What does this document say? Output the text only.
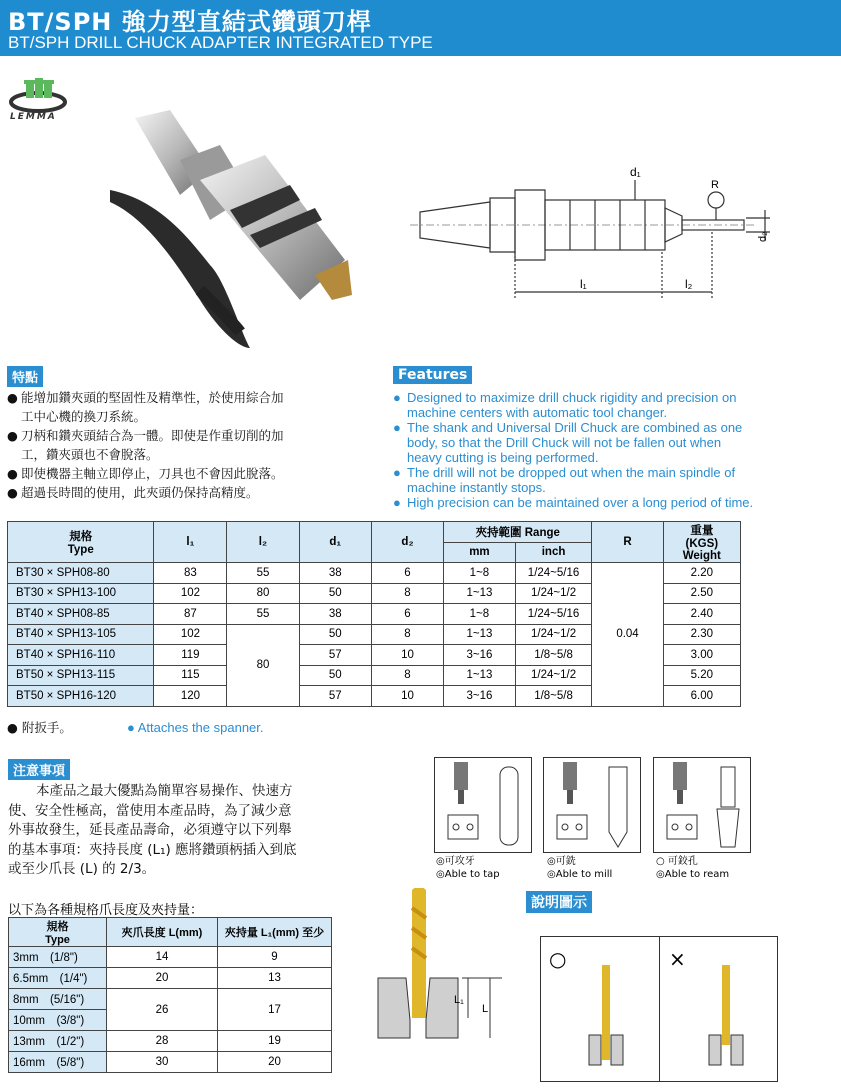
BT/SPH 強力型直結式鑽頭刀桿
BT/SPH DRILL CHUCK ADAPTER INTEGRATED TYPE
LEMMA
d₁
R
l₁	l₂
d₂
特點
● 能增加鑽夾頭的堅固性及精準性，於使用綜合加
工中心機的換刀系統。
● 刀柄和鑽夾頭結合為一體。即使是作重切削的加
工，鑽夾頭也不會脫落。
● 即使機器主軸立即停止，刀具也不會因此脫落。
● 超過長時間的使用，此夾頭仍保持高精度。
Features
● Designed to maximize drill chuck rigidity and precision on
machine centers with automatic tool changer.
● The shank and Universal Drill Chuck are combined as one
body, so that the Drill Chuck will not be fallen out when
heavy cutting is being performed.
● The drill will not be dropped out when the main spindle of
machine instantly stops.
● High precision can be maintained over a long period of time.
規格
Type	l₁	l₂	d₁	d₂	夾持範圍 Range		R	重量
(KGS)
Weight
					mm	inch		
BT30 × SPH08-80	83	55	38	6	1~8	1/24~5/16	0.04	2.20
BT30 × SPH13-100	102	80	50	8	1~13	1/24~1/2		2.50
BT40 × SPH08-85	87	55	38	6	1~8	1/24~5/16		2.40
BT40 × SPH13-105	102	80	50	8	1~13	1/24~1/2		2.30
BT40 × SPH16-110	119		57	10	3~16	1/8~5/8		3.00
BT50 × SPH13-115	115		50	8	1~13	1/24~1/2		5.20
BT50 × SPH16-120	120		57	10	3~16	1/8~5/8		6.00
● 附扳手。	● Attaches the spanner.
注意事項
本產品之最大優點為簡單容易操作、快速方
使、安全性極高，當使用本產品時，為了減少意
外事故發生，延長產品壽命，必須遵守以下列舉
的基本事項：夾持長度 (L₁) 應將鑽頭柄插入到底
或至少爪長 (L) 的 2/3。	◎可攻牙
◎Able to tap
◎可銑
◎Able to mill
○ 可鉸孔
◎Able to ream
說明圖示
以下為各種規格爪長度及夾持量：
規格
Type	夾爪長度 L(mm)	夾持量 L₁(mm) 至少
3mm　(1/8")	14	9
6.5mm　(1/4")	20	13
8mm　(5/16")	26	17
10mm　(3/8")		
13mm　(1/2")	28	19
16mm　(5/8")	30	20
L₁
L
○	×
